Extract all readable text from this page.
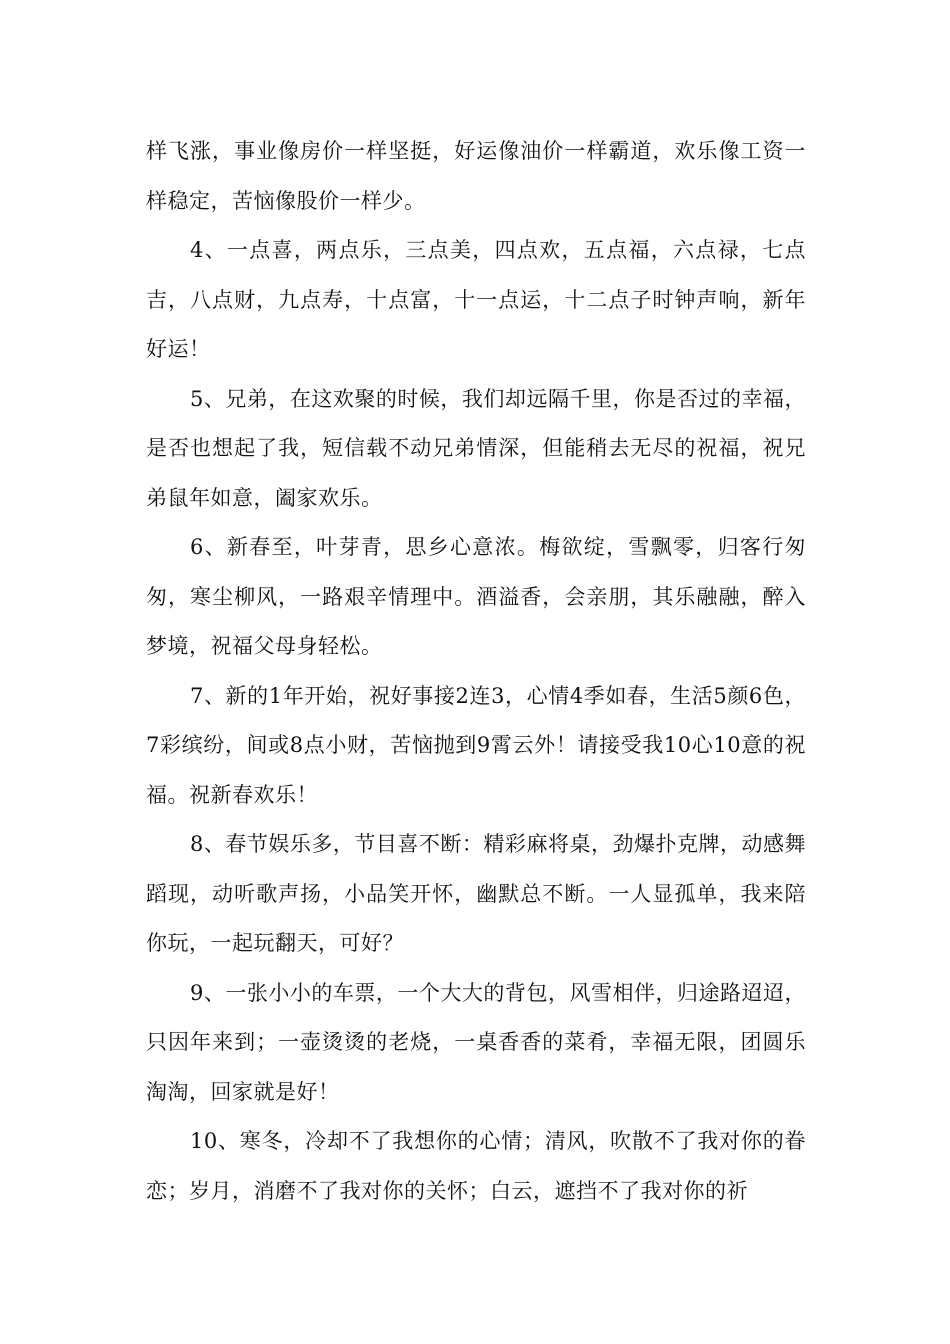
样飞涨，事业像房价一样坚挺，好运像油价一样霸道，欢乐像工资一样稳定，苦恼像股价一样少。

4、一点喜，两点乐，三点美，四点欢，五点福，六点禄，七点吉，八点财，九点寿，十点富，十一点运，十二点子时钟声响，新年好运！

5、兄弟，在这欢聚的时候，我们却远隔千里，你是否过的幸福，是否也想起了我，短信载不动兄弟情深，但能稍去无尽的祝福，祝兄弟鼠年如意，阖家欢乐。

6、新春至，叶芽青，思乡心意浓。梅欲绽，雪飘零，归客行匆匆，寒尘柳风，一路艰辛情理中。酒溢香，会亲朋，其乐融融，醉入梦境，祝福父母身轻松。

7、新的1年开始，祝好事接2连3，心情4季如春，生活5颜6色，7彩缤纷，间或8点小财，苦恼抛到9霄云外！请接受我10心10意的祝福。祝新春欢乐！

8、春节娱乐多，节目喜不断：精彩麻将桌，劲爆扑克牌，动感舞蹈现，动听歌声扬，小品笑开怀，幽默总不断。一人显孤单，我来陪你玩，一起玩翻天，可好？

9、一张小小的车票，一个大大的背包，风雪相伴，归途路迢迢，只因年来到；一壶烫烫的老烧，一桌香香的菜肴，幸福无限，团圆乐淘淘，回家就是好！

10、寒冬，冷却不了我想你的心情；清风，吹散不了我对你的眷恋；岁月，消磨不了我对你的关怀；白云，遮挡不了我对你的祈
